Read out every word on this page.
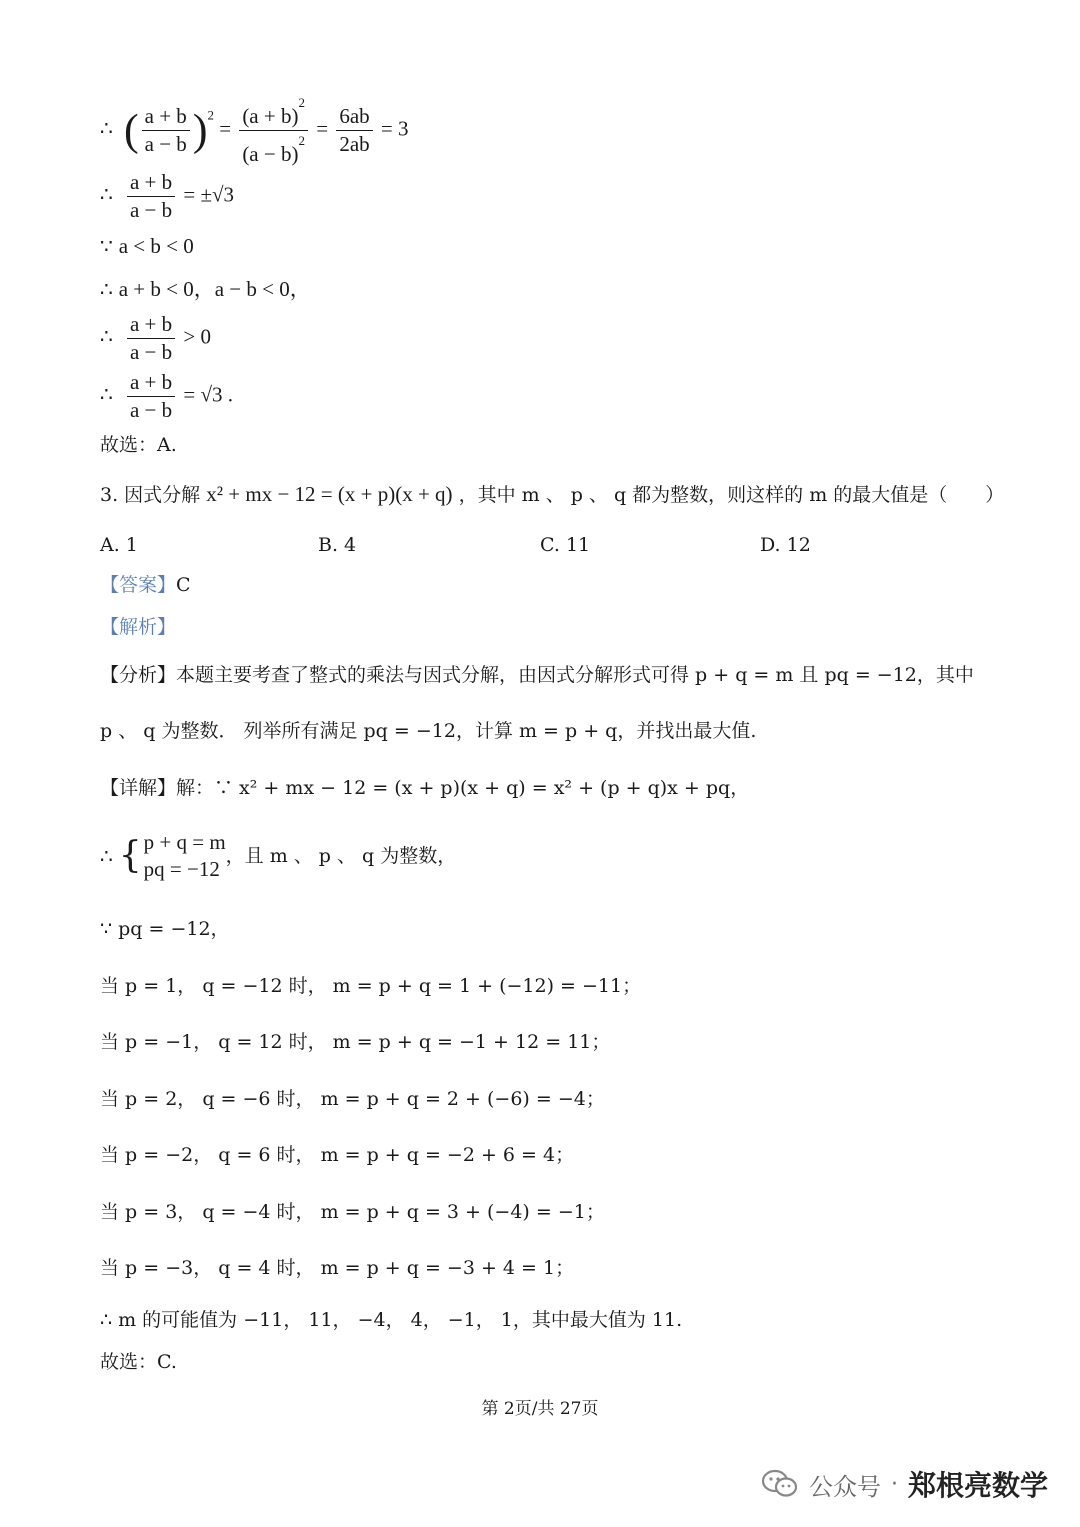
∴ ( $\frac{a + b}{a - b} )^2 = \frac{(a + b)^2}{(a - b)^2} = \frac{6ab}{2ab} = 3$
∴ $\frac{a + b}{a - b} = \pm√3$
∵ a < b < 0
∴ a + b < 0，a − b < 0，
∴ $\frac{a + b}{a - b} > 0$
∴ $\frac{a + b}{a - b} = √3$ .
故选：A.
3. 因式分解 x² + mx − 12 = (x + p)(x + q) ，其中 m 、 p 、 q 都为整数，则这样的 m 的最大值是（　　）
A. 1	B. 4	C. 11	D. 12
【答案】C
【解析】
【分析】本题主要考查了整式的乘法与因式分解，由因式分解形式可得 p + q = m 且 pq = −12，其中
p 、 q 为整数． 列举所有满足 pq = −12，计算 m = p + q，并找出最大值.
【详解】解：∵ x² + mx − 12 = (x + p)(x + q) = x² + (p + q)x + pq，
∴ { p + q = m
pq = −12
，且 m 、 p 、 q 为整数，
∵ pq = −12，
当 p = 1， q = −12 时， m = p + q = 1 + (−12) = −11；
当 p = −1， q = 12 时， m = p + q = −1 + 12 = 11；
当 p = 2， q = −6 时， m = p + q = 2 + (−6) = −4；
当 p = −2， q = 6 时， m = p + q = −2 + 6 = 4；
当 p = 3， q = −4 时， m = p + q = 3 + (−4) = −1；
当 p = −3， q = 4 时， m = p + q = −3 + 4 = 1；
∴ m 的可能值为 −11， 11， −4， 4， −1， 1，其中最大值为 11.
故选：C.
第 2页/共 27页
公众号 · 郑根亮数学
